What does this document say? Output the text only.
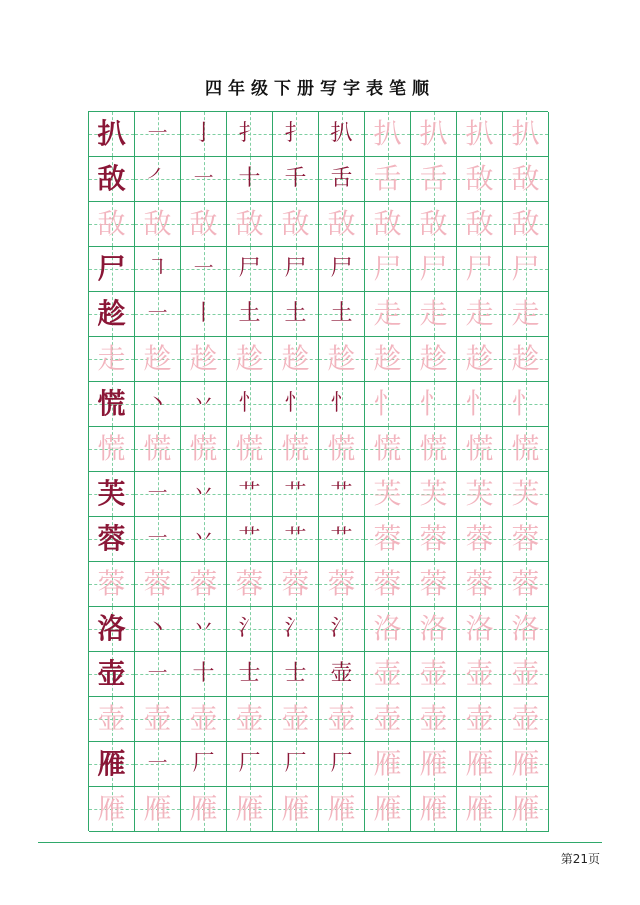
四年级下册写字表笔顺
扒 ㇐ 亅 扌 扌 扒 扒 扒 扒 扒
敌 ㇒ ㇐ 十 千 舌 舌 舌 敌 敌
敌 敌 敌 敌 敌 敌 敌 敌 敌 敌
尸 ㇕ ㇐ 尸 尸 尸 尸 尸 尸 尸
趁 ㇐ 丨 土 土 土 走 走 走 走
走 趁 趁 趁 趁 趁 趁 趁 趁 趁
慌 丶 丷 忄 忄 忄 忄 忄 忄 忄
慌 慌 慌 慌 慌 慌 慌 慌 慌 慌
芙 ㇐ 丷 艹 艹 艹 芙 芙 芙 芙
蓉 ㇐ 丷 艹 艹 艹 蓉 蓉 蓉 蓉
蓉 蓉 蓉 蓉 蓉 蓉 蓉 蓉 蓉 蓉
洛 丶 丷 氵 氵 氵 洛 洛 洛 洛
壶 ㇐ 十 士 士 壶 壶 壶 壶 壶
壶 壶 壶 壶 壶 壶 壶 壶 壶 壶
雁 ㇐ 厂 厂 厂 厂 雁 雁 雁 雁
雁 雁 雁 雁 雁 雁 雁 雁 雁 雁
第21页
